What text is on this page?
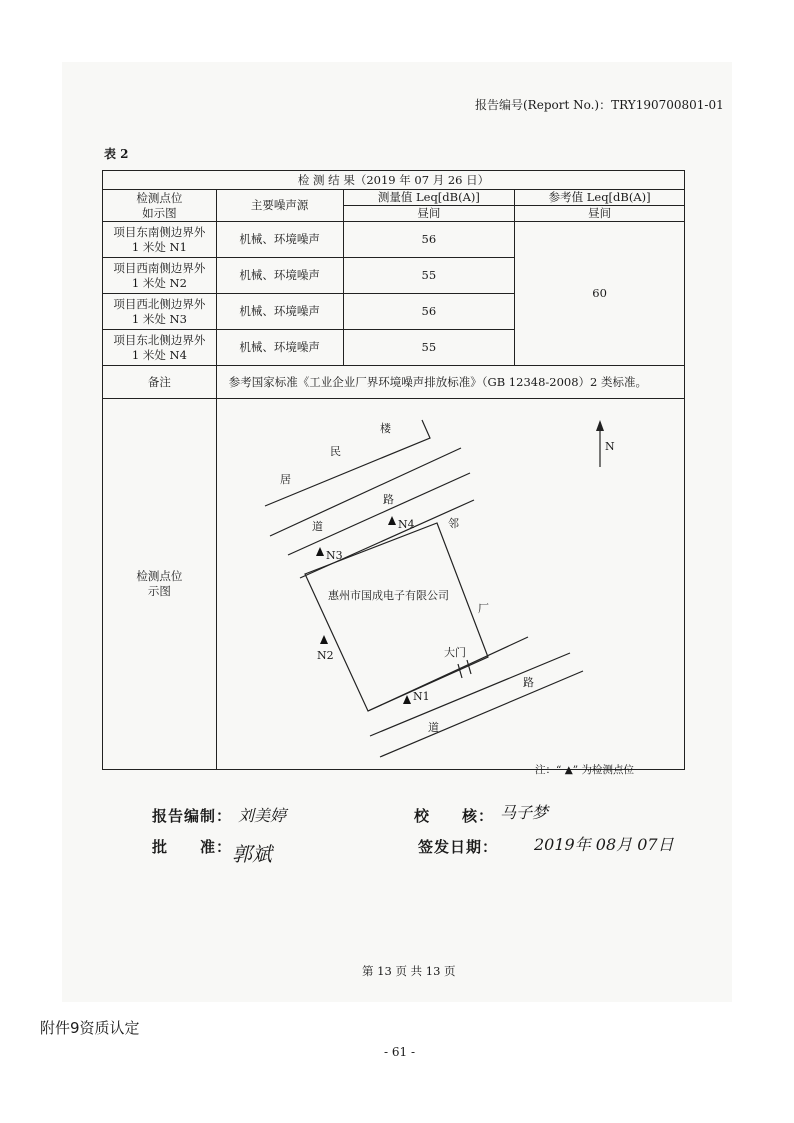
报告编号(Report No.)：TRY190700801-01
表 2
检 测 结 果（2019 年 07 月 26 日）			

检测点位
如示图	主要噪声源	测量值 Leq[dB(A)]	参考值 Leq[dB(A)]
		昼间	昼间

项目东南侧边界外
1 米处 N1	机械、环境噪声	56	60

项目西南侧边界外
1 米处 N2	机械、环境噪声	55	

项目西北侧边界外
1 米处 N3	机械、环境噪声	56	

项目东北侧边界外
1 米处 N4	机械、环境噪声	55	
备注	参考国家标准《工业企业厂界环境噪声排放标准》（GB 12348-2008）2 类标准。		

检测点位
示图			

N
楼
民
居
路
道	邻
厂
惠州市国成电子有限公司
大门
路
道
N4
N3
N2
N1
注：“ ▲” 为检测点位
报告编制： 刘美婷	校　　核： 马子梦
批　　准： 郭斌	签发日期： 2019年 08月 07日
第 13 页 共 13 页
附件9资质认定
- 61 -
